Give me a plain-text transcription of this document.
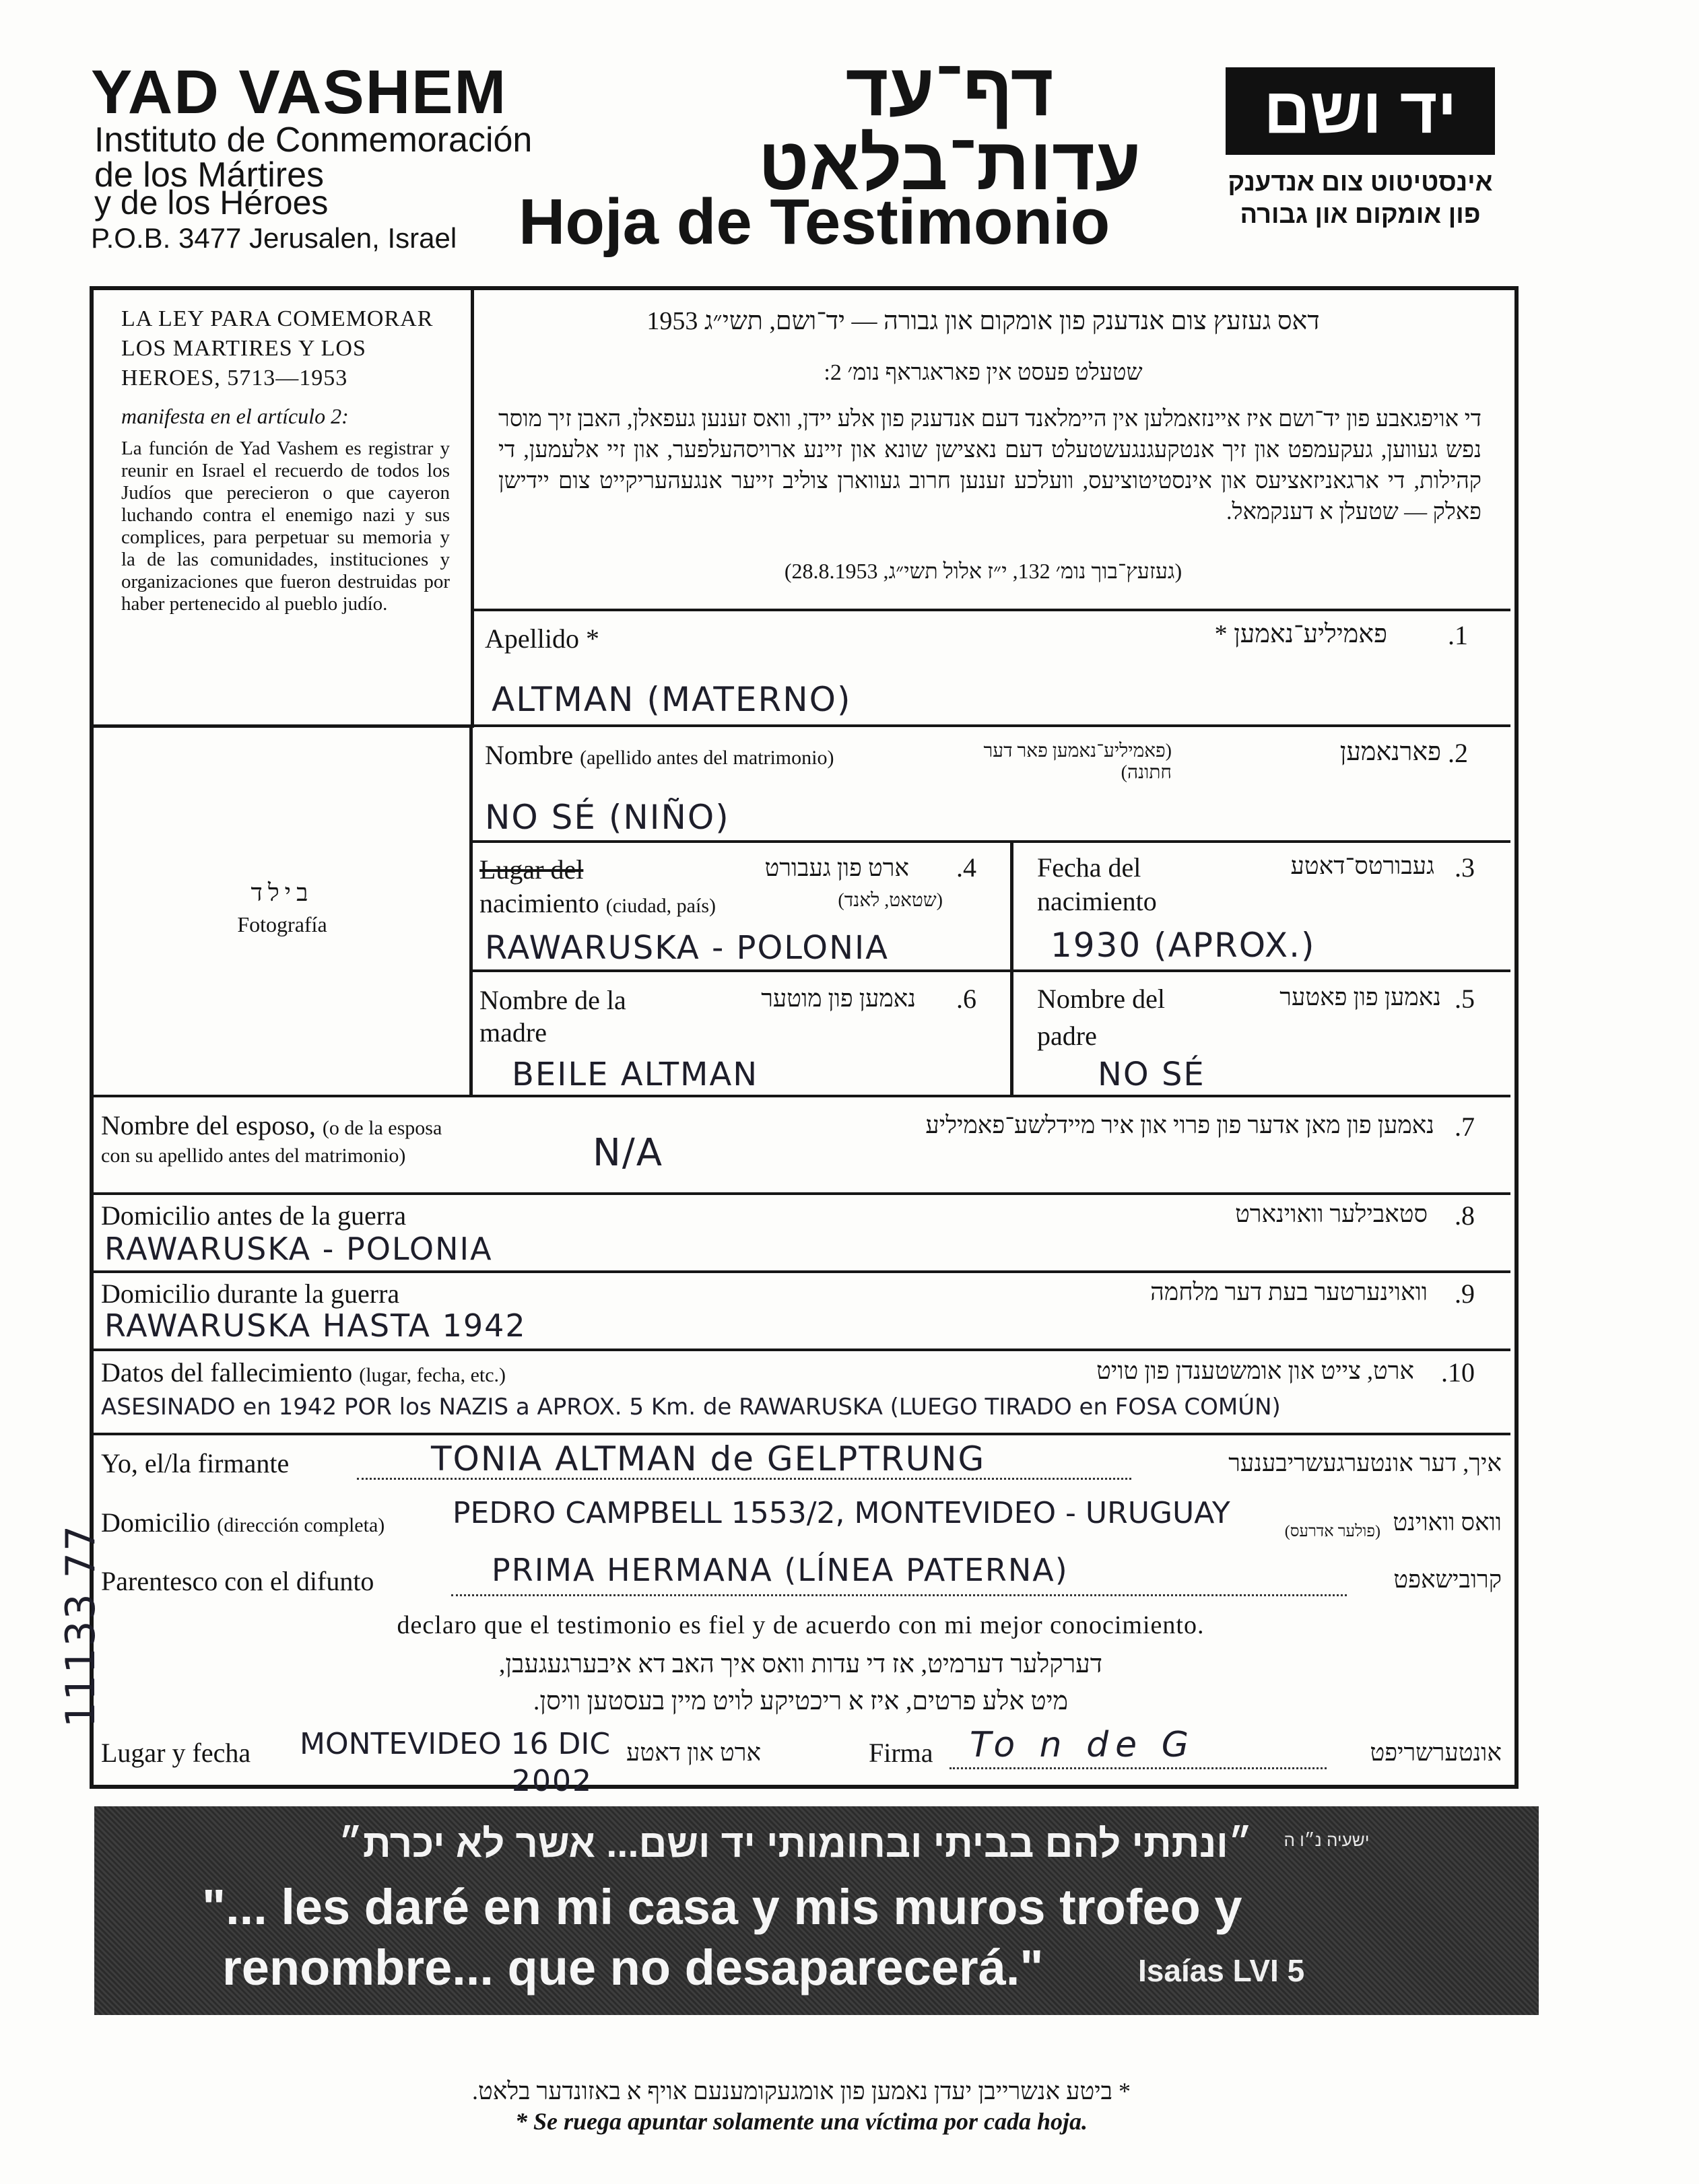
YAD VASHEM
Instituto de Conmemoración
de los Mártires
y de los Héroes
P.O.B. 3477 Jerusalen, Israel
דף־עד
עדות־בלאט
Hoja de Testimonio
יד ושם
אינסטיטוט צום אנדענק
פון אומקום און גבורה
LA LEY PARA COMEMORAR LOS MARTIRES Y LOS HEROES, 5713—1953
manifesta en el artículo 2:
La función de Yad Vashem es registrar y reunir en Israel el recuerdo de todos los Judíos que perecieron o que cayeron luchando contra el enemigo nazi y sus complices, para perpetuar su memoria y la de las comunidades, instituciones y organizaciones que fueron destruidas por haber pertenecido al pueblo judío.
דאס געזעץ צום אנדענק פון אומקום און גבורה — יד־ושם, תשי״ג 1953
שטעלט פעסט אין פאראגראף נומ׳ 2:
די אויפגאבע פון יד־ושם איז איינזאמלען אין היימלאנד דעם אנדענק פון אלע יידן, וואס זענען געפאלן, האבן זיך מוסר נפש געווען, געקעמפט און זיך אנטקעגנגעשטעלט דעם נאצישן שונא און זיינע ארויסהעלפער, און זיי אלעמען, די קהילות, די ארגאניזאציעס און אינסטיטוציעס, וועלכע זענען חרוב געווארן צוליב זייער אנגעהעריקייט צום יידישן פאלק — שטעלן א דענקמאל.
(געזעץ־בוך נומ׳ 132, י״ז אלול תשי״ג, 28.8.1953)
בילד
Fotografía
Apellido *	פאמיליע־נאמען * .1
ALTMAN (MATERNO)
Nombre (apellido antes del matrimonio)	(פאמיליע־נאמען פאר דער חתונה)
פארנאמען .2
NO SÉ (NIÑO)
Lugar del	ארט פון געבורט .4
nacimiento (ciudad, país)	(שטאט, לאנד)
RAWARUSKA - POLONIA
Fecha del	געבורטס־דאטע .3
nacimiento
1930 (APROX.)
Nombre de la	נאמען פון מוטער .6
madre
BEILE ALTMAN
Nombre del	נאמען פון פאטער .5
padre
NO SÉ
Nombre del esposo, (o de la esposa
con su apellido antes del matrimonio)
נאמען פון מאן אדער פון פרוי און איר מיידלשע־פאמיליע .7
N/A
Domicilio antes de la guerra	סטאבילער וואוינארט .8
RAWARUSKA - POLONIA
Domicilio durante la guerra	וואוינערטער בעת דער מלחמה .9
RAWARUSKA HASTA 1942
Datos del fallecimiento (lugar, fecha, etc.)	ארט, צייט און אומשטענדן פון טויט .10
ASESINADO en 1942 POR los NAZIS a APROX. 5 Km. de RAWARUSKA (LUEGO TIRADO en FOSA COMÚN)
Yo, el/la firmante	TONIA ALTMAN de GELPTRUNG	איך, דער אונטערגעשריבענער
Domicilio (dirección completa) PEDRO CAMPBELL 1553/2, MONTEVIDEO - URUGUAY
(פולער אדרעס) וואס וואוינט
Parentesco con el difunto	PRIMA HERMANA (LÍNEA PATERNA)	קרובישאפט
declaro que el testimonio es fiel y de acuerdo con mi mejor conocimiento.
דערקלער דערמיט, אז די עדות וואס איך האב דא איבערגעגעבן,
מיט אלע פרטים, איז א ריכטיקע לויט מיין בעסטען וויסן.
Lugar y fecha MONTEVIDEO 16 DIC
2002
ארט און דאטע	Firma To n de G	אונטערשריפט
11133 77
״ונתתי להם בביתי ובחומותי יד ושם... אשר לא יכרת״	ישעיה נ״ו ה
"... les daré en mi casa y mis muros trofeo y
renombre... que no desaparecerá."	Isaías LVI 5
* ביטע אנשרייבן יעדן נאמען פון אומגעקומענעם אויף א באזונדער בלאט.
* Se ruega apuntar solamente una víctima por cada hoja.
